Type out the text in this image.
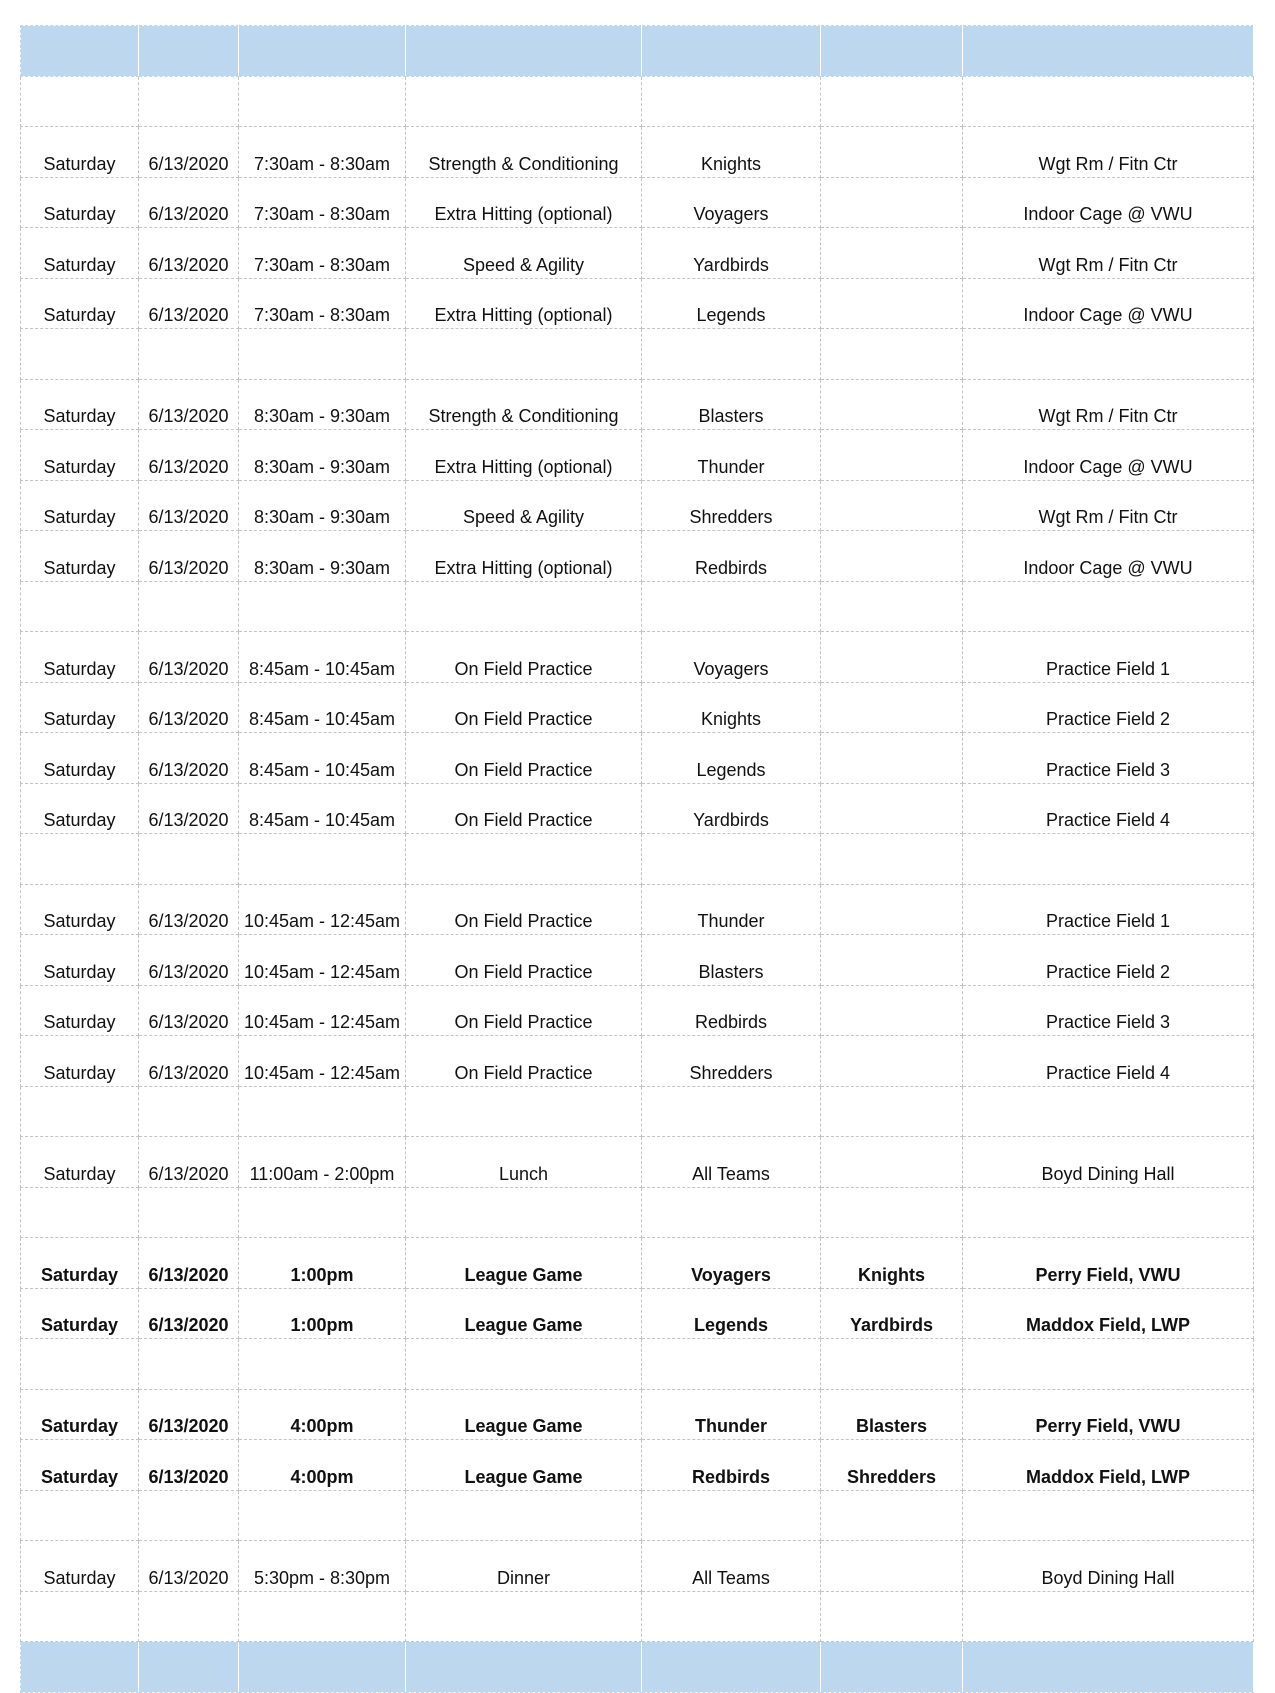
Saturday	6/13/2020	7:30am - 8:30am	Strength & Conditioning	Knights		Wgt Rm / Fitn Ctr
Saturday	6/13/2020	7:30am - 8:30am	Extra Hitting (optional)	Voyagers		Indoor Cage @ VWU
Saturday	6/13/2020	7:30am - 8:30am	Speed & Agility	Yardbirds		Wgt Rm / Fitn Ctr
Saturday	6/13/2020	7:30am - 8:30am	Extra Hitting (optional)	Legends		Indoor Cage @ VWU

Saturday	6/13/2020	8:30am - 9:30am	Strength & Conditioning	Blasters		Wgt Rm / Fitn Ctr
Saturday	6/13/2020	8:30am - 9:30am	Extra Hitting (optional)	Thunder		Indoor Cage @ VWU
Saturday	6/13/2020	8:30am - 9:30am	Speed & Agility	Shredders		Wgt Rm / Fitn Ctr
Saturday	6/13/2020	8:30am - 9:30am	Extra Hitting (optional)	Redbirds		Indoor Cage @ VWU

Saturday	6/13/2020	8:45am - 10:45am	On Field Practice	Voyagers		Practice Field 1
Saturday	6/13/2020	8:45am - 10:45am	On Field Practice	Knights		Practice Field 2
Saturday	6/13/2020	8:45am - 10:45am	On Field Practice	Legends		Practice Field 3
Saturday	6/13/2020	8:45am - 10:45am	On Field Practice	Yardbirds		Practice Field 4

Saturday	6/13/2020	10:45am - 12:45am	On Field Practice	Thunder		Practice Field 1
Saturday	6/13/2020	10:45am - 12:45am	On Field Practice	Blasters		Practice Field 2
Saturday	6/13/2020	10:45am - 12:45am	On Field Practice	Redbirds		Practice Field 3
Saturday	6/13/2020	10:45am - 12:45am	On Field Practice	Shredders		Practice Field 4

Saturday	6/13/2020	11:00am - 2:00pm	Lunch	All Teams		Boyd Dining Hall

Saturday	6/13/2020	1:00pm	League Game	Voyagers	Knights	Perry Field, VWU
Saturday	6/13/2020	1:00pm	League Game	Legends	Yardbirds	Maddox Field, LWP

Saturday	6/13/2020	4:00pm	League Game	Thunder	Blasters	Perry Field, VWU
Saturday	6/13/2020	4:00pm	League Game	Redbirds	Shredders	Maddox Field, LWP

Saturday	6/13/2020	5:30pm - 8:30pm	Dinner	All Teams		Boyd Dining Hall
